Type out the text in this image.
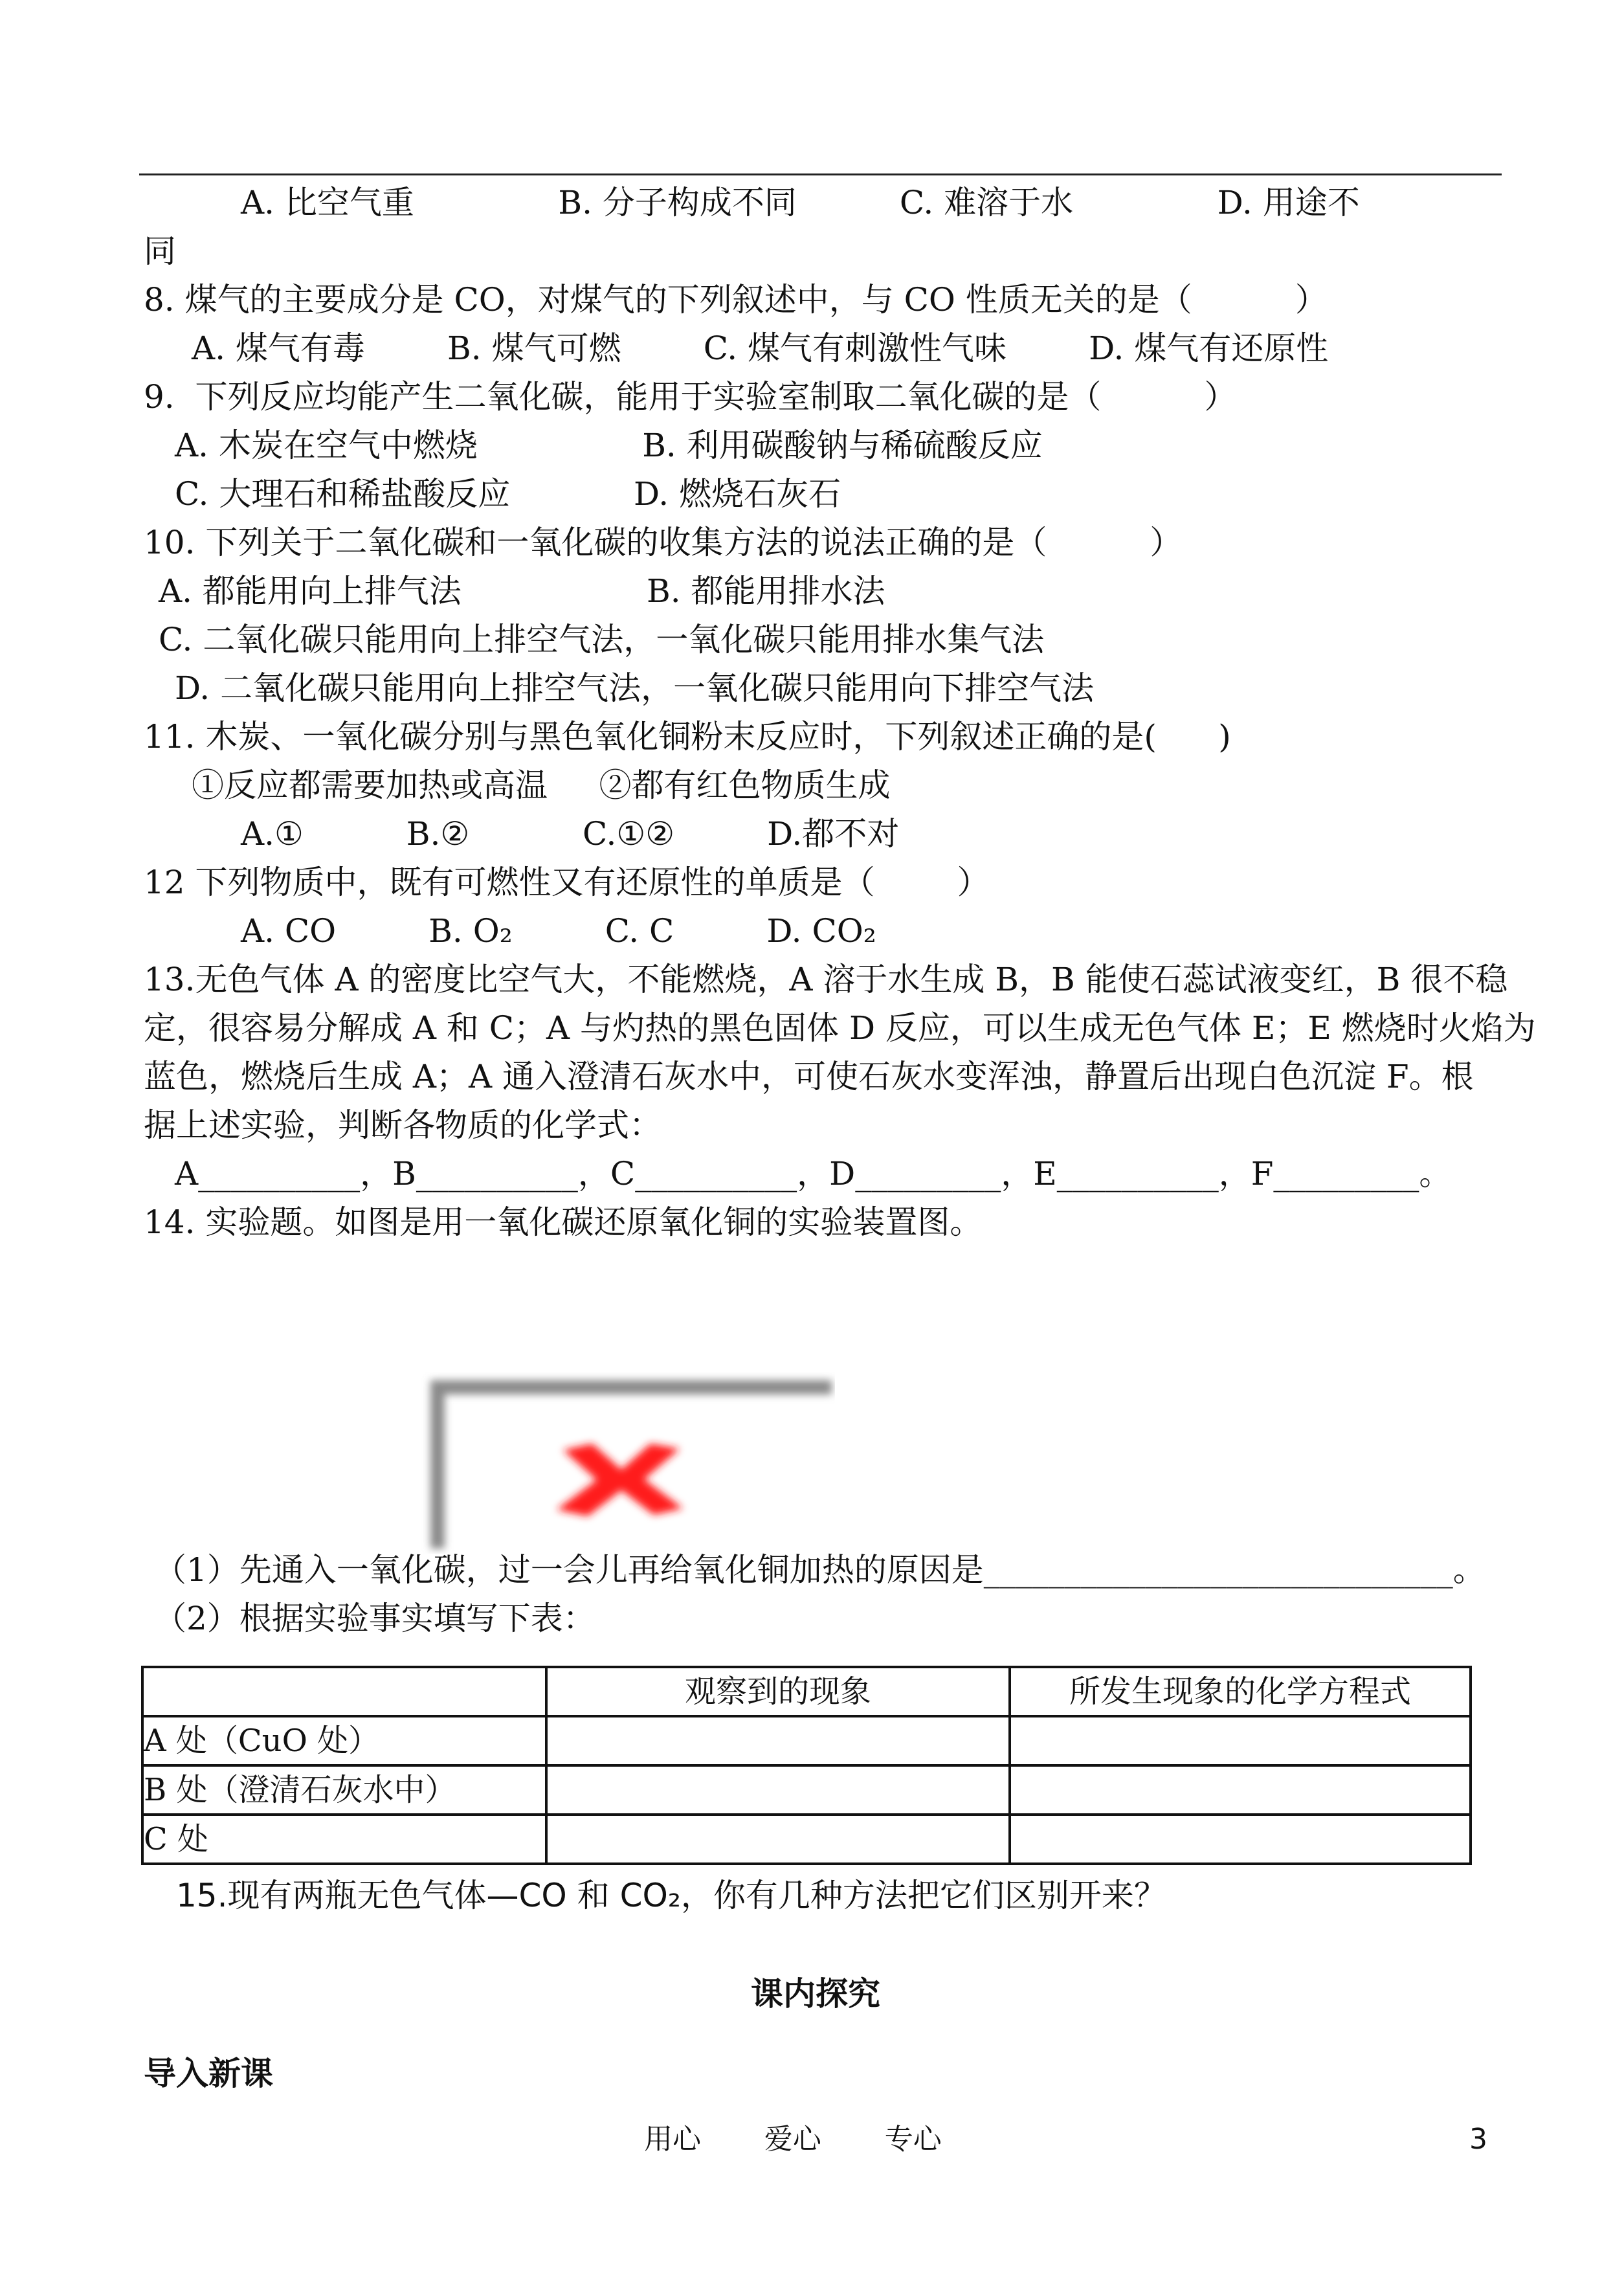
A. 比空气重              B. 分子构成不同          C. 难溶于水              D. 用途不
同
8. 煤气的主要成分是 CO，对煤气的下列叙述中，与 CO 性质无关的是（          ）
A. 煤气有毒        B. 煤气可燃        C. 煤气有刺激性气味        D. 煤气有还原性
9.  下列反应均能产生二氧化碳，能用于实验室制取二氧化碳的是（          ）
A. 木炭在空气中燃烧                B. 利用碳酸钠与稀硫酸反应
C. 大理石和稀盐酸反应            D. 燃烧石灰石
10. 下列关于二氧化碳和一氧化碳的收集方法的说法正确的是（          ）
A. 都能用向上排气法                  B. 都能用排水法
C. 二氧化碳只能用向上排空气法，一氧化碳只能用排水集气法
D. 二氧化碳只能用向上排空气法，一氧化碳只能用向下排空气法
11. 木炭、一氧化碳分别与黑色氧化铜粉末反应时，下列叙述正确的是(      )
①反应都需要加热或高温     ②都有红色物质生成
A.①          B.②           C.①②         D.都不对
12 下列物质中，既有可燃性又有还原性的单质是（        ）
A. CO         B. O₂         C. C         D. CO₂
13.无色气体 A 的密度比空气大，不能燃烧，A 溶于水生成 B，B 能使石蕊试液变红，B 很不稳
定，很容易分解成 A 和 C；A 与灼热的黑色固体 D 反应，可以生成无色气体 E；E 燃烧时火焰为
蓝色，燃烧后生成 A；A 通入澄清石灰水中，可使石灰水变浑浊，静置后出现白色沉淀 F。根
据上述实验，判断各物质的化学式：
A__________，B__________，C__________，D_________，E__________，F_________。
14. 实验题。如图是用一氧化碳还原氧化铜的实验装置图。
（1）先通入一氧化碳，过一会儿再给氧化铜加热的原因是_____________________________。
（2）根据实验事实填写下表：
	观察到的现象	所发生现象的化学方程式
A 处（CuO 处）		
B 处（澄清石灰水中）		
C 处		
15.现有两瓶无色气体—CO 和 CO₂，你有几种方法把它们区别开来？
课内探究
导入新课
用心       爱心       专心	3
